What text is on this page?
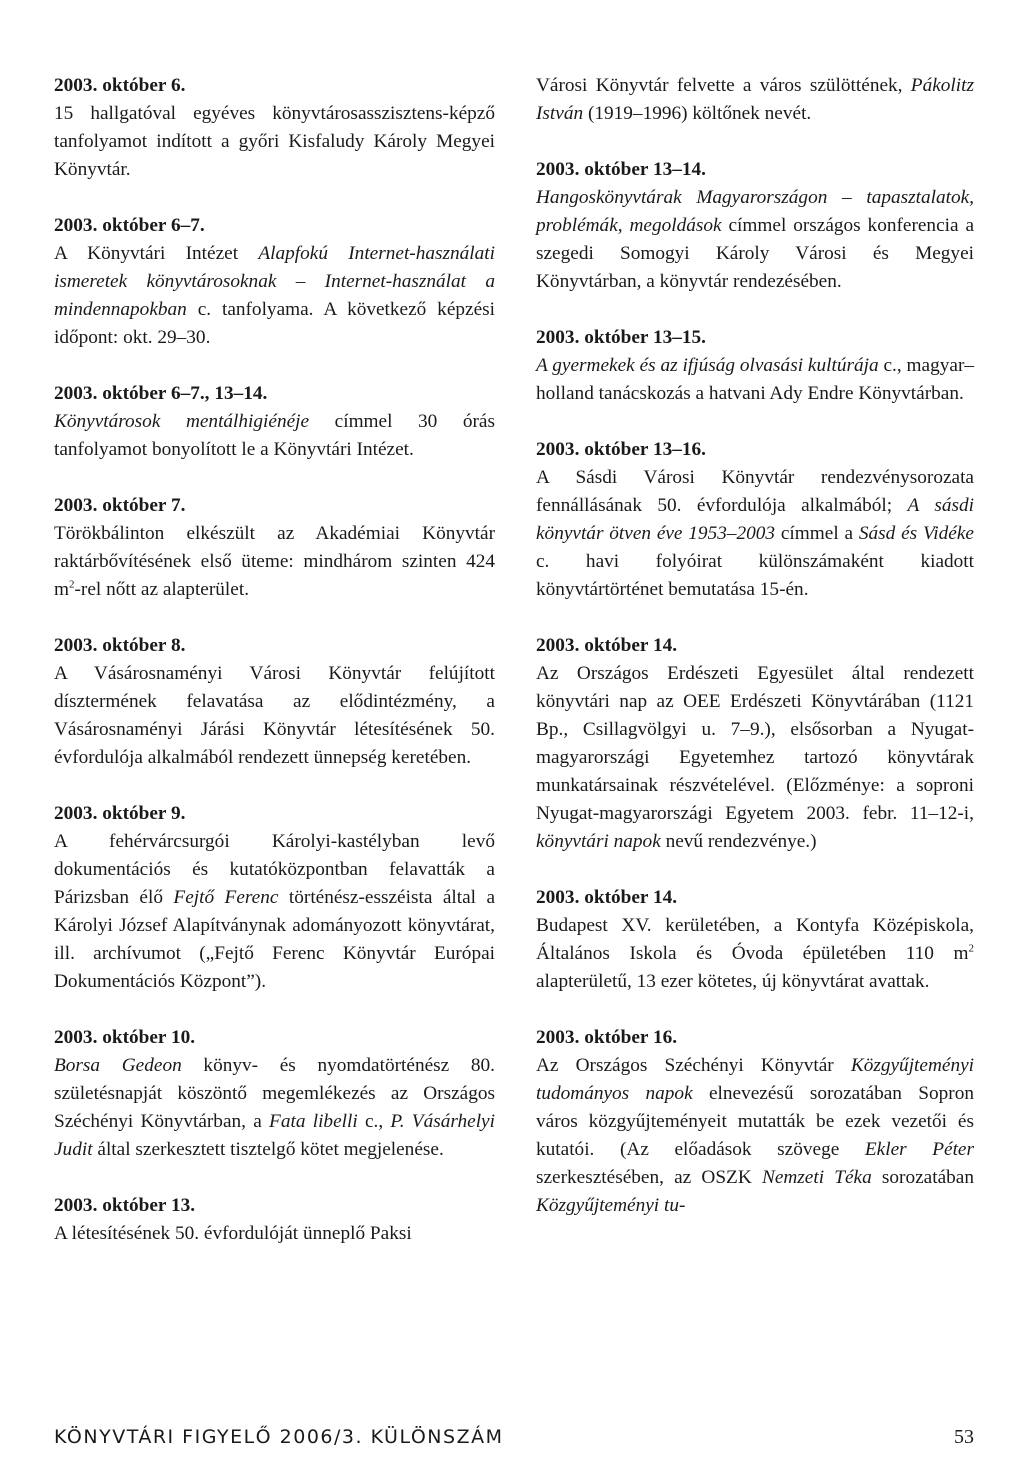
2003. október 6.
15 hallgatóval egyéves könyvtárosasszisztens-képző tanfolyamot indított a győri Kisfaludy Károly Megyei Könyvtár.
2003. október 6–7.
A Könyvtári Intézet Alapfokú Internet-használati ismeretek könyvtárosoknak – Internet-használat a mindennapokban c. tanfolyama. A következő képzési időpont: okt. 29–30.
2003. október 6–7., 13–14.
Könyvtárosok mentálhigiénéje címmel 30 órás tanfolyamot bonyolított le a Könyvtári Intézet.
2003. október 7.
Törökbálinton elkészült az Akadémiai Könyvtár raktárbővítésének első üteme: mindhárom szinten 424 $m^2$-rel nőtt az alapterület.
2003. október 8.
A Vásárosnaményi Városi Könyvtár felújított dísztermének felavatása az elődintézmény, a Vásárosnaményi Járási Könyvtár létesítésének 50. évfordulója alkalmából rendezett ünnepség keretében.
2003. október 9.
A fehérvárcsurgói Károlyi-kastélyban levő dokumentációs és kutatóközpontban felavatták a Párizsban élő Fejtő Ferenc történész-esszéista által a Károlyi József Alapítványnak adományozott könyvtárat, ill. archívumot („Fejtő Ferenc Könyvtár Európai Dokumentációs Központ”).
2003. október 10.
Borsa Gedeon könyv- és nyomdatörténész 80. születésnapját köszöntő megemlékezés az Országos Széchényi Könyvtárban, a Fata libelli c., P. Vásárhelyi Judit által szerkesztett tisztelgő kötet megjelenése.
2003. október 13.
A létesítésének 50. évfordulóját ünneplő Paksi
Városi Könyvtár felvette a város szülöttének, Pákolitz István (1919–1996) költőnek nevét.
2003. október 13–14.
Hangoskönyvtárak Magyarországon – tapasztalatok, problémák, megoldások címmel országos konferencia a szegedi Somogyi Károly Városi és Megyei Könyvtárban, a könyvtár rendezésében.
2003. október 13–15.
A gyermekek és az ifjúság olvasási kultúrája c., magyar–holland tanácskozás a hatvani Ady Endre Könyvtárban.
2003. október 13–16.
A Sásdi Városi Könyvtár rendezvénysorozata fennállásának 50. évfordulója alkalmából; A sásdi könyvtár ötven éve 1953–2003 címmel a Sásd és Vidéke c. havi folyóirat különszámaként kiadott könyvtártörténet bemutatása 15-én.
2003. október 14.
Az Országos Erdészeti Egyesület által rendezett könyvtári nap az OEE Erdészeti Könyvtárában (1121 Bp., Csillagvölgyi u. 7–9.), elsősorban a Nyugat-magyarországi Egyetemhez tartozó könyvtárak munkatársainak részvételével. (Előzménye: a soproni Nyugat-magyarországi Egyetem 2003. febr. 11–12-i, könyvtári napok nevű rendezvénye.)
2003. október 14.
Budapest XV. kerületében, a Kontyfa Középiskola, Általános Iskola és Óvoda épületében 110 $m^2$ alapterületű, 13 ezer kötetes, új könyvtárat avattak.
2003. október 16.
Az Országos Széchényi Könyvtár Közgyűjteményi tudományos napok elnevezésű sorozatában Sopron város közgyűjteményeit mutatták be ezek vezetői és kutatói. (Az előadások szövege Ekler Péter szerkesztésében, az OSZK Nemzeti Téka sorozatában Közgyűjteményi tu-
KÖNYVTÁRI FIGYELŐ 2006/3. KÜLÖNSZÁM	53
